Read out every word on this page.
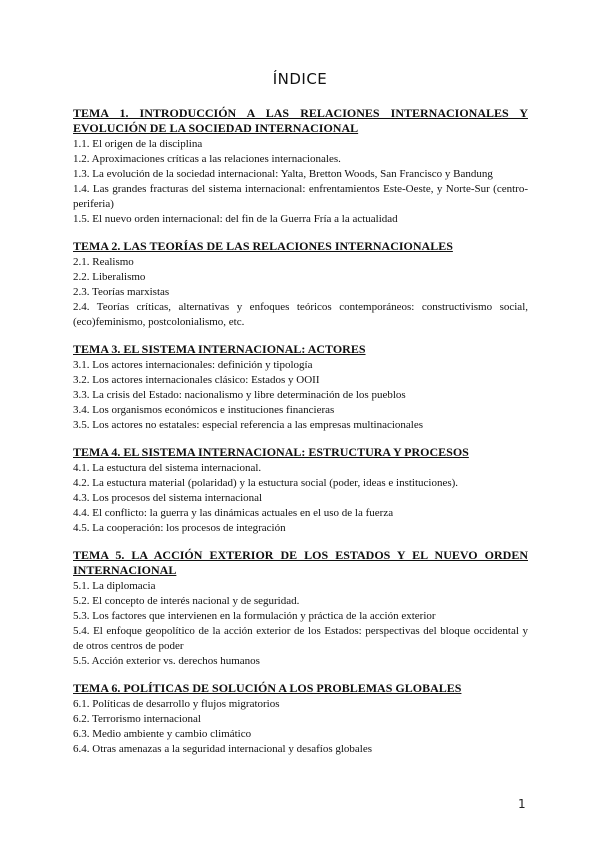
ÍNDICE
TEMA 1. INTRODUCCIÓN A LAS RELACIONES INTERNACIONALES Y EVOLUCIÓN DE LA SOCIEDAD INTERNACIONAL
1.1. El origen de la disciplina
1.2. Aproximaciones críticas a las relaciones internacionales.
1.3. La evolución de la sociedad internacional: Yalta, Bretton Woods, San Francisco y Bandung
1.4. Las grandes fracturas del sistema internacional: enfrentamientos Este-Oeste, y Norte-Sur (centro-periferia)
1.5. El nuevo orden internacional: del fin de la Guerra Fría a la actualidad
TEMA 2. LAS TEORÍAS DE LAS RELACIONES INTERNACIONALES
2.1. Realismo
2.2. Liberalismo
2.3. Teorías marxistas
2.4. Teorías críticas, alternativas y enfoques teóricos contemporáneos: constructivismo social, (eco)feminismo, postcolonialismo, etc.
TEMA 3. EL SISTEMA INTERNACIONAL: ACTORES
3.1. Los actores internacionales: definición y tipología
3.2. Los actores internacionales clásico: Estados y OOII
3.3. La crisis del Estado: nacionalismo y libre determinación de los pueblos
3.4. Los organismos económicos e instituciones financieras
3.5. Los actores no estatales: especial referencia a las empresas multinacionales
TEMA 4. EL SISTEMA INTERNACIONAL: ESTRUCTURA Y PROCESOS
4.1. La estuctura del sistema internacional.
4.2. La estuctura material (polaridad) y la estuctura social (poder, ideas e instituciones).
4.3. Los procesos del sistema internacional
4.4. El conflicto: la guerra y las dinámicas actuales en el uso de la fuerza
4.5. La cooperación: los procesos de integración
TEMA 5. LA ACCIÓN EXTERIOR DE LOS ESTADOS Y EL NUEVO ORDEN INTERNACIONAL
5.1. La diplomacia
5.2. El concepto de interés nacional y de seguridad.
5.3. Los factores que intervienen en la formulación y práctica de la acción exterior
5.4. El enfoque geopolítico de la acción exterior de los Estados: perspectivas del bloque occidental y de otros centros de poder
5.5. Acción exterior vs. derechos humanos
TEMA 6. POLÍTICAS DE SOLUCIÓN A LOS PROBLEMAS GLOBALES
6.1. Políticas de desarrollo y flujos migratorios
6.2. Terrorismo internacional
6.3. Medio ambiente y cambio climático
6.4. Otras amenazas a la seguridad internacional y desafíos globales
1
